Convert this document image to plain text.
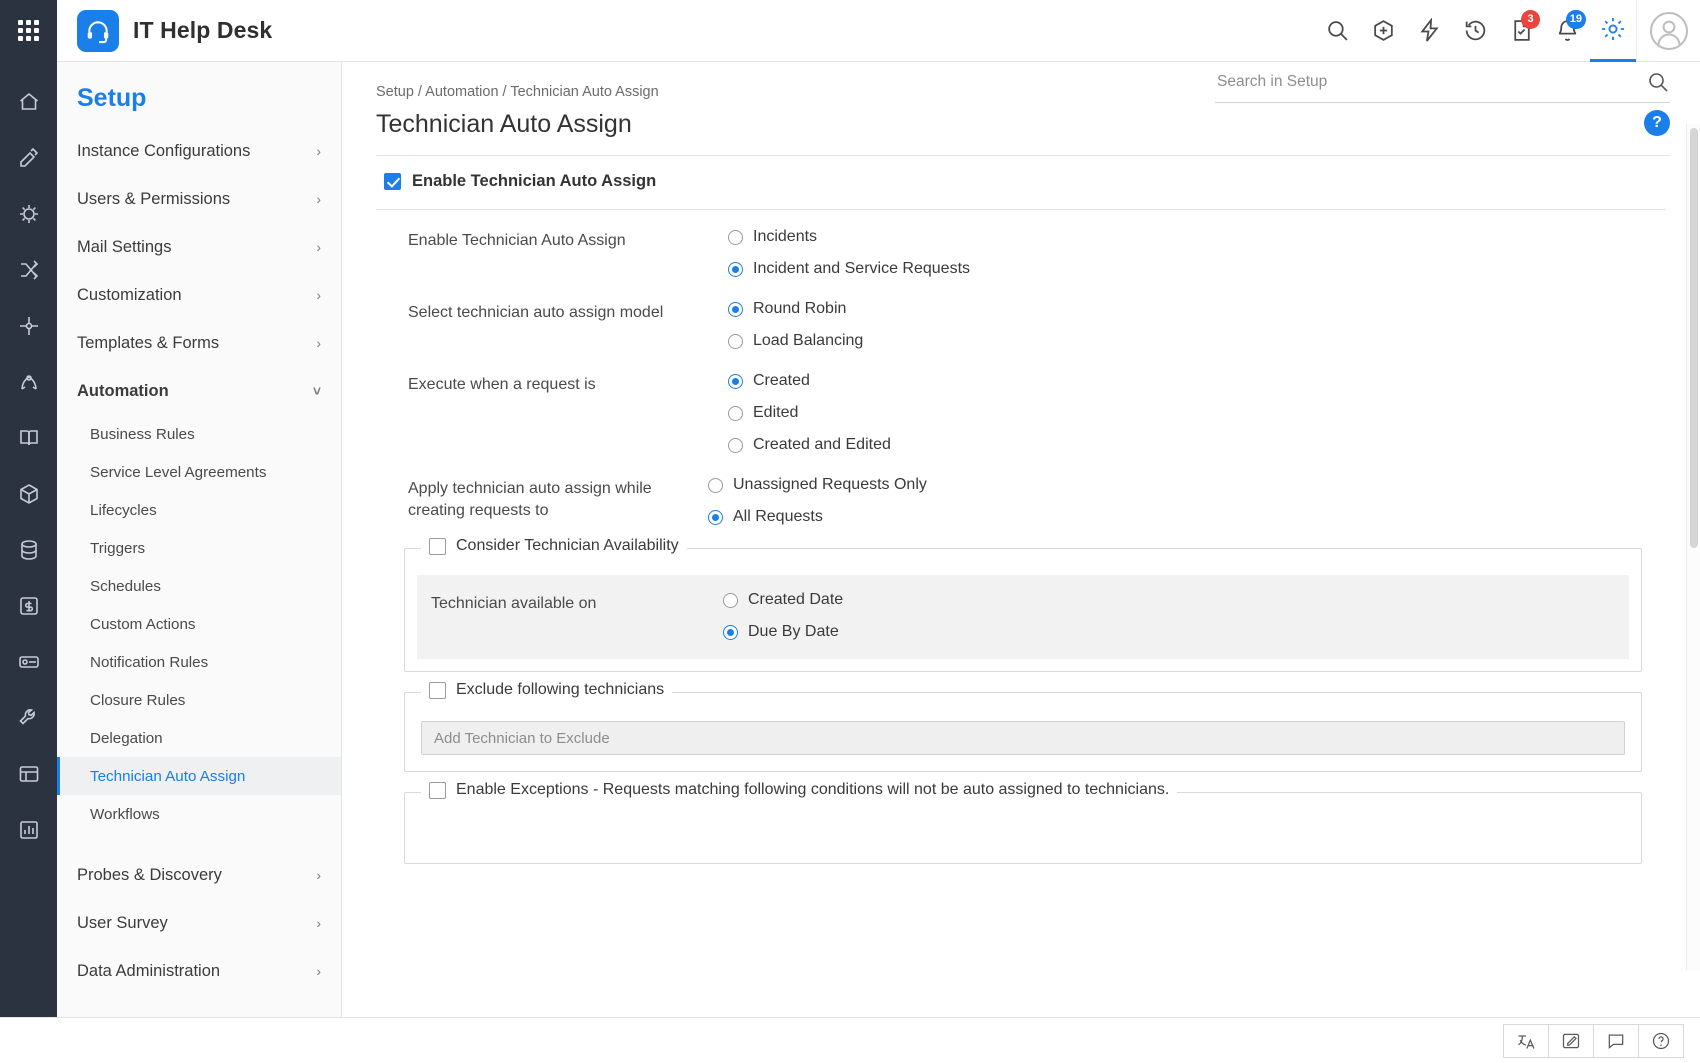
IT Help Desk	3	19
Setup
Instance Configurations	›
Users & Permissions	›
Mail Settings	›
Customization	›
Templates & Forms	›
Automation	˅
Business Rules
Service Level Agreements
Lifecycles
Triggers
Schedules
Custom Actions
Notification Rules
Closure Rules
Delegation
Technician Auto Assign
Workflows
Probes & Discovery	›
User Survey	›
Data Administration	›
Search in Setup
Setup / Automation / Technician Auto Assign
Technician Auto Assign	?
Enable Technician Auto Assign
Enable Technician Auto Assign	Incidents
Incident and Service Requests
Select technician auto assign model	Round Robin
Load Balancing
Execute when a request is	Created
Edited
Created and Edited
Apply technician auto assign while creating requests to
Unassigned Requests Only
All Requests
Consider Technician Availability
Technician available on	Created Date
Due By Date
Exclude following technicians
Add Technician to Exclude
Enable Exceptions - Requests matching following conditions will not be auto assigned to technicians.
